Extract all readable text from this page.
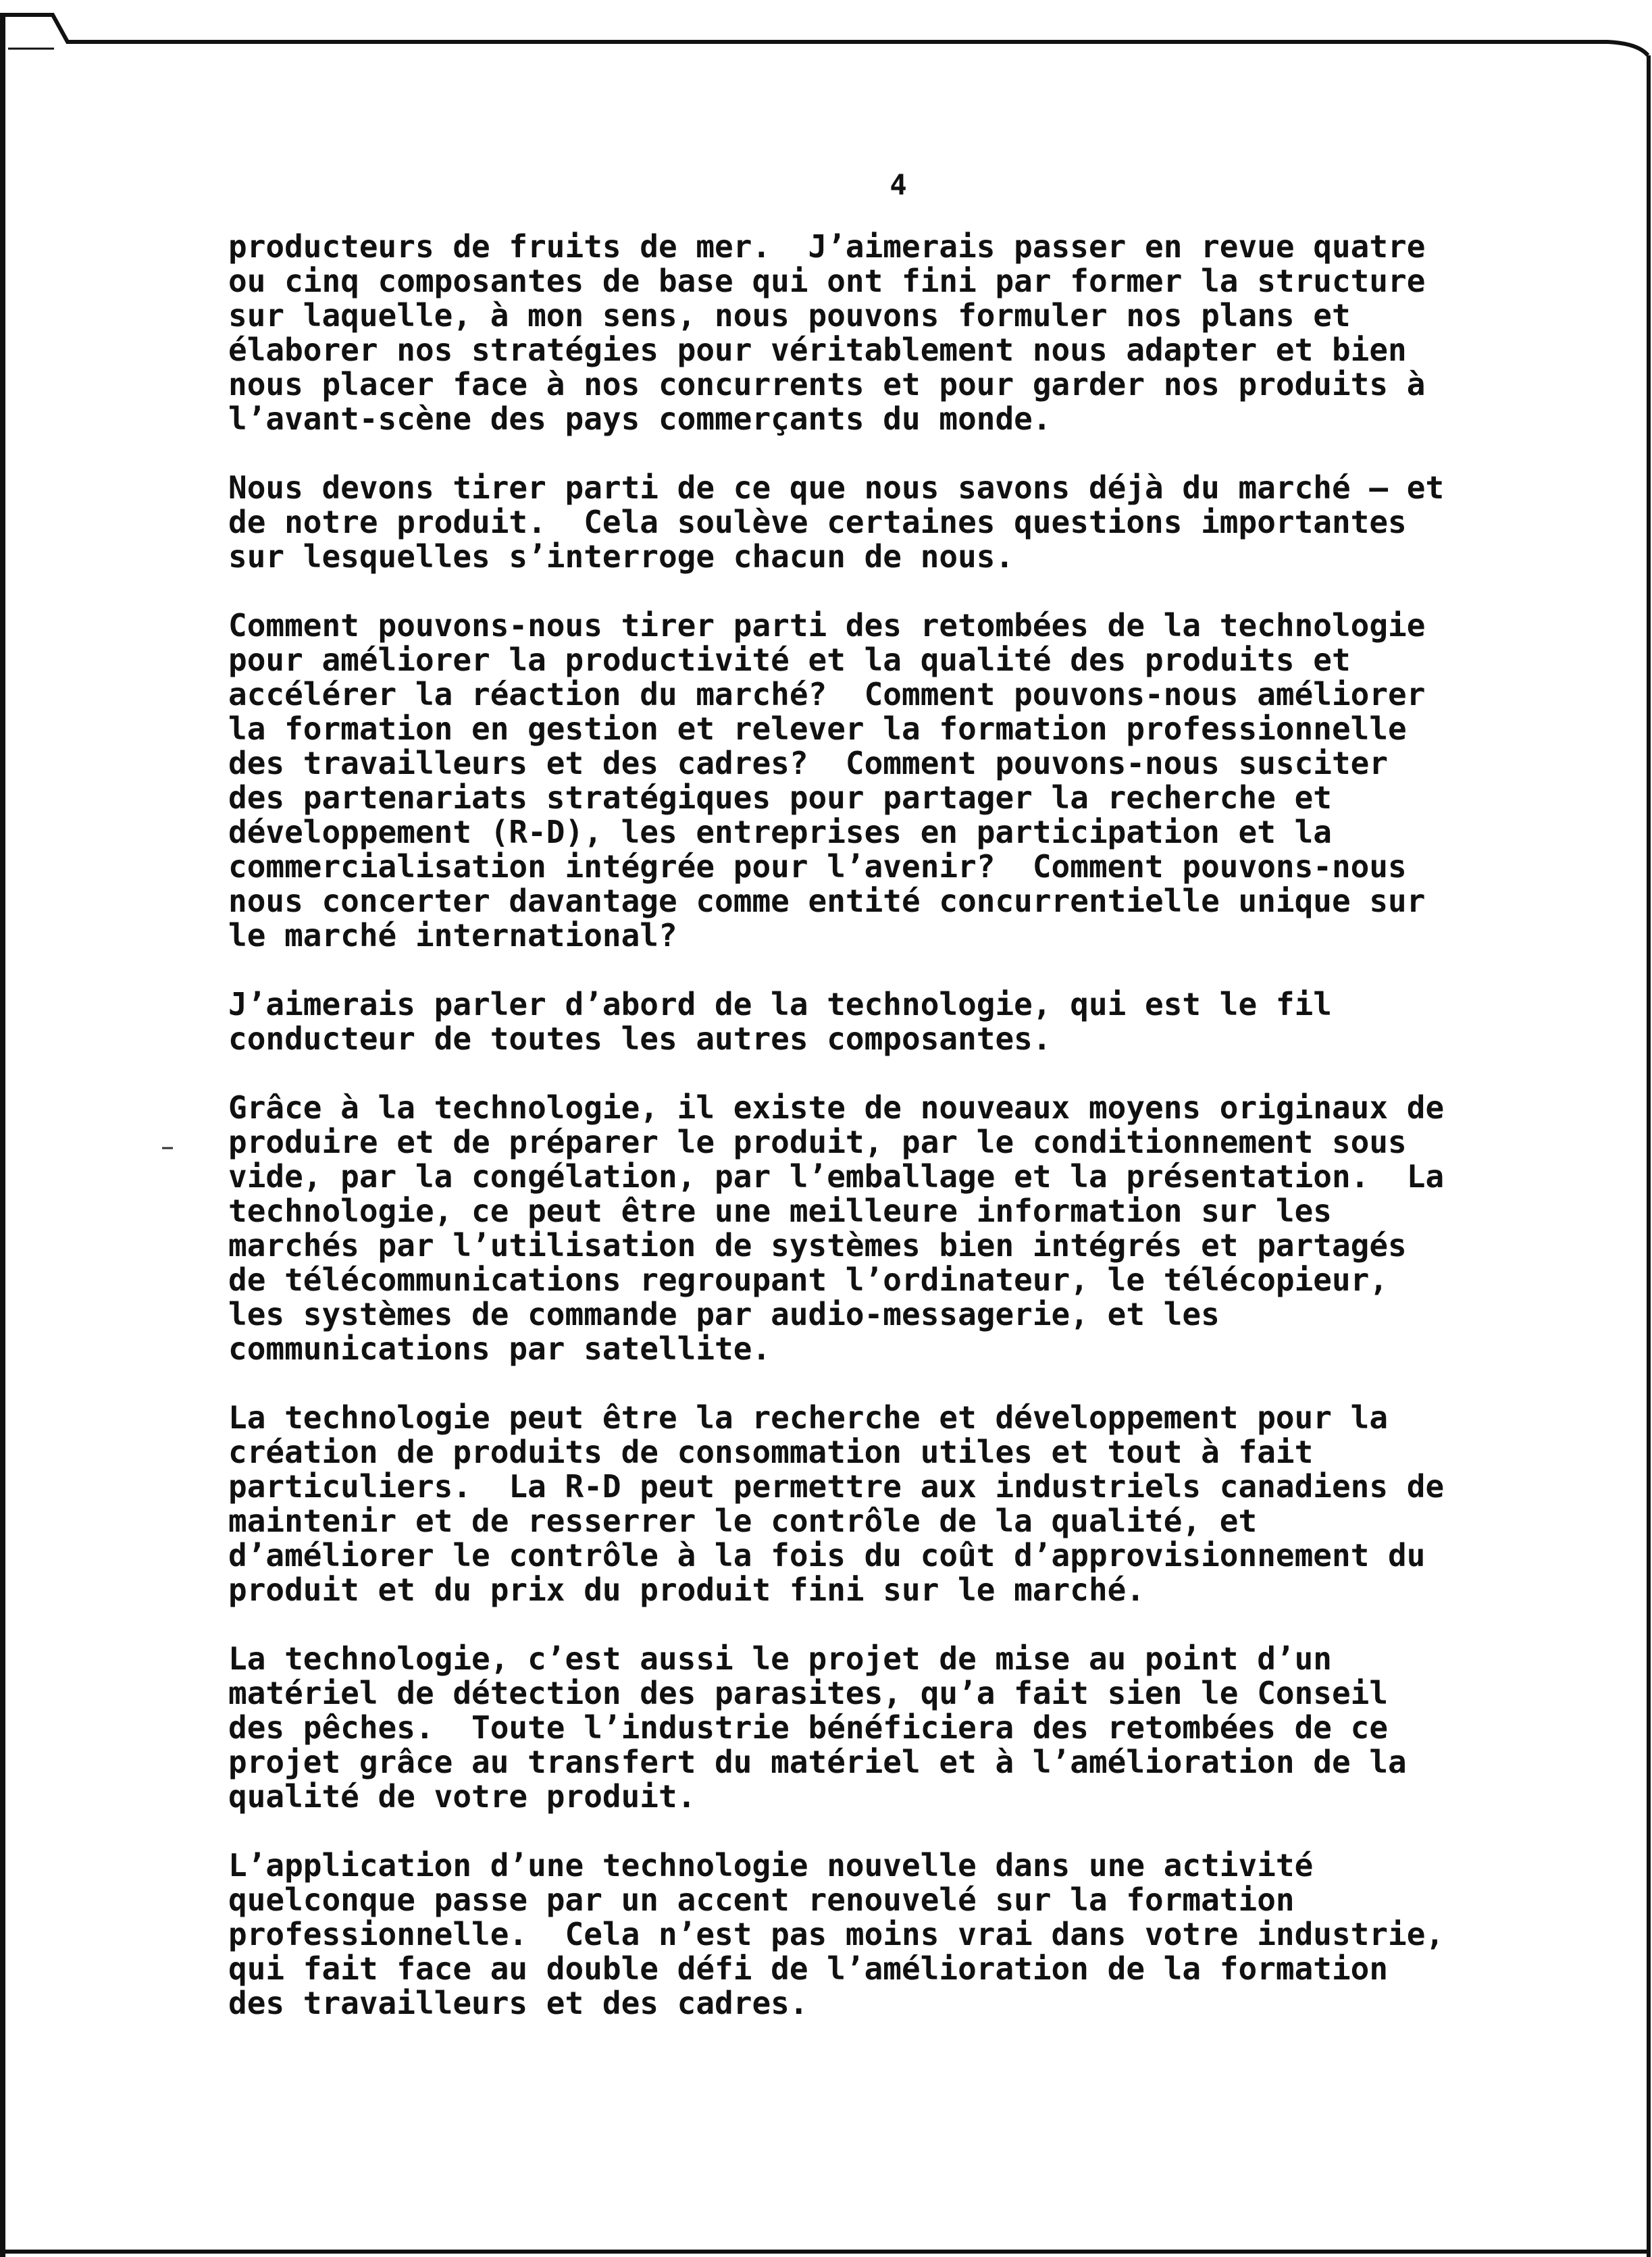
4
producteurs de fruits de mer.  J’aimerais passer en revue quatre
ou cinq composantes de base qui ont fini par former la structure
sur laquelle, à mon sens, nous pouvons formuler nos plans et
élaborer nos stratégies pour véritablement nous adapter et bien
nous placer face à nos concurrents et pour garder nos produits à
l’avant-scène des pays commerçants du monde.
Nous devons tirer parti de ce que nous savons déjà du marché — et
de notre produit.  Cela soulève certaines questions importantes
sur lesquelles s’interroge chacun de nous.
Comment pouvons-nous tirer parti des retombées de la technologie
pour améliorer la productivité et la qualité des produits et
accélérer la réaction du marché?  Comment pouvons-nous améliorer
la formation en gestion et relever la formation professionnelle
des travailleurs et des cadres?  Comment pouvons-nous susciter
des partenariats stratégiques pour partager la recherche et
développement (R-D), les entreprises en participation et la
commercialisation intégrée pour l’avenir?  Comment pouvons-nous
nous concerter davantage comme entité concurrentielle unique sur
le marché international?
J’aimerais parler d’abord de la technologie, qui est le fil
conducteur de toutes les autres composantes.
Grâce à la technologie, il existe de nouveaux moyens originaux de
produire et de préparer le produit, par le conditionnement sous
vide, par la congélation, par l’emballage et la présentation.  La
technologie, ce peut être une meilleure information sur les
marchés par l’utilisation de systèmes bien intégrés et partagés
de télécommunications regroupant l’ordinateur, le télécopieur,
les systèmes de commande par audio-messagerie, et les
communications par satellite.
La technologie peut être la recherche et développement pour la
création de produits de consommation utiles et tout à fait
particuliers.  La R-D peut permettre aux industriels canadiens de
maintenir et de resserrer le contrôle de la qualité, et
d’améliorer le contrôle à la fois du coût d’approvisionnement du
produit et du prix du produit fini sur le marché.
La technologie, c’est aussi le projet de mise au point d’un
matériel de détection des parasites, qu’a fait sien le Conseil
des pêches.  Toute l’industrie bénéficiera des retombées de ce
projet grâce au transfert du matériel et à l’amélioration de la
qualité de votre produit.
L’application d’une technologie nouvelle dans une activité
quelconque passe par un accent renouvelé sur la formation
professionnelle.  Cela n’est pas moins vrai dans votre industrie,
qui fait face au double défi de l’amélioration de la formation
des travailleurs et des cadres.
